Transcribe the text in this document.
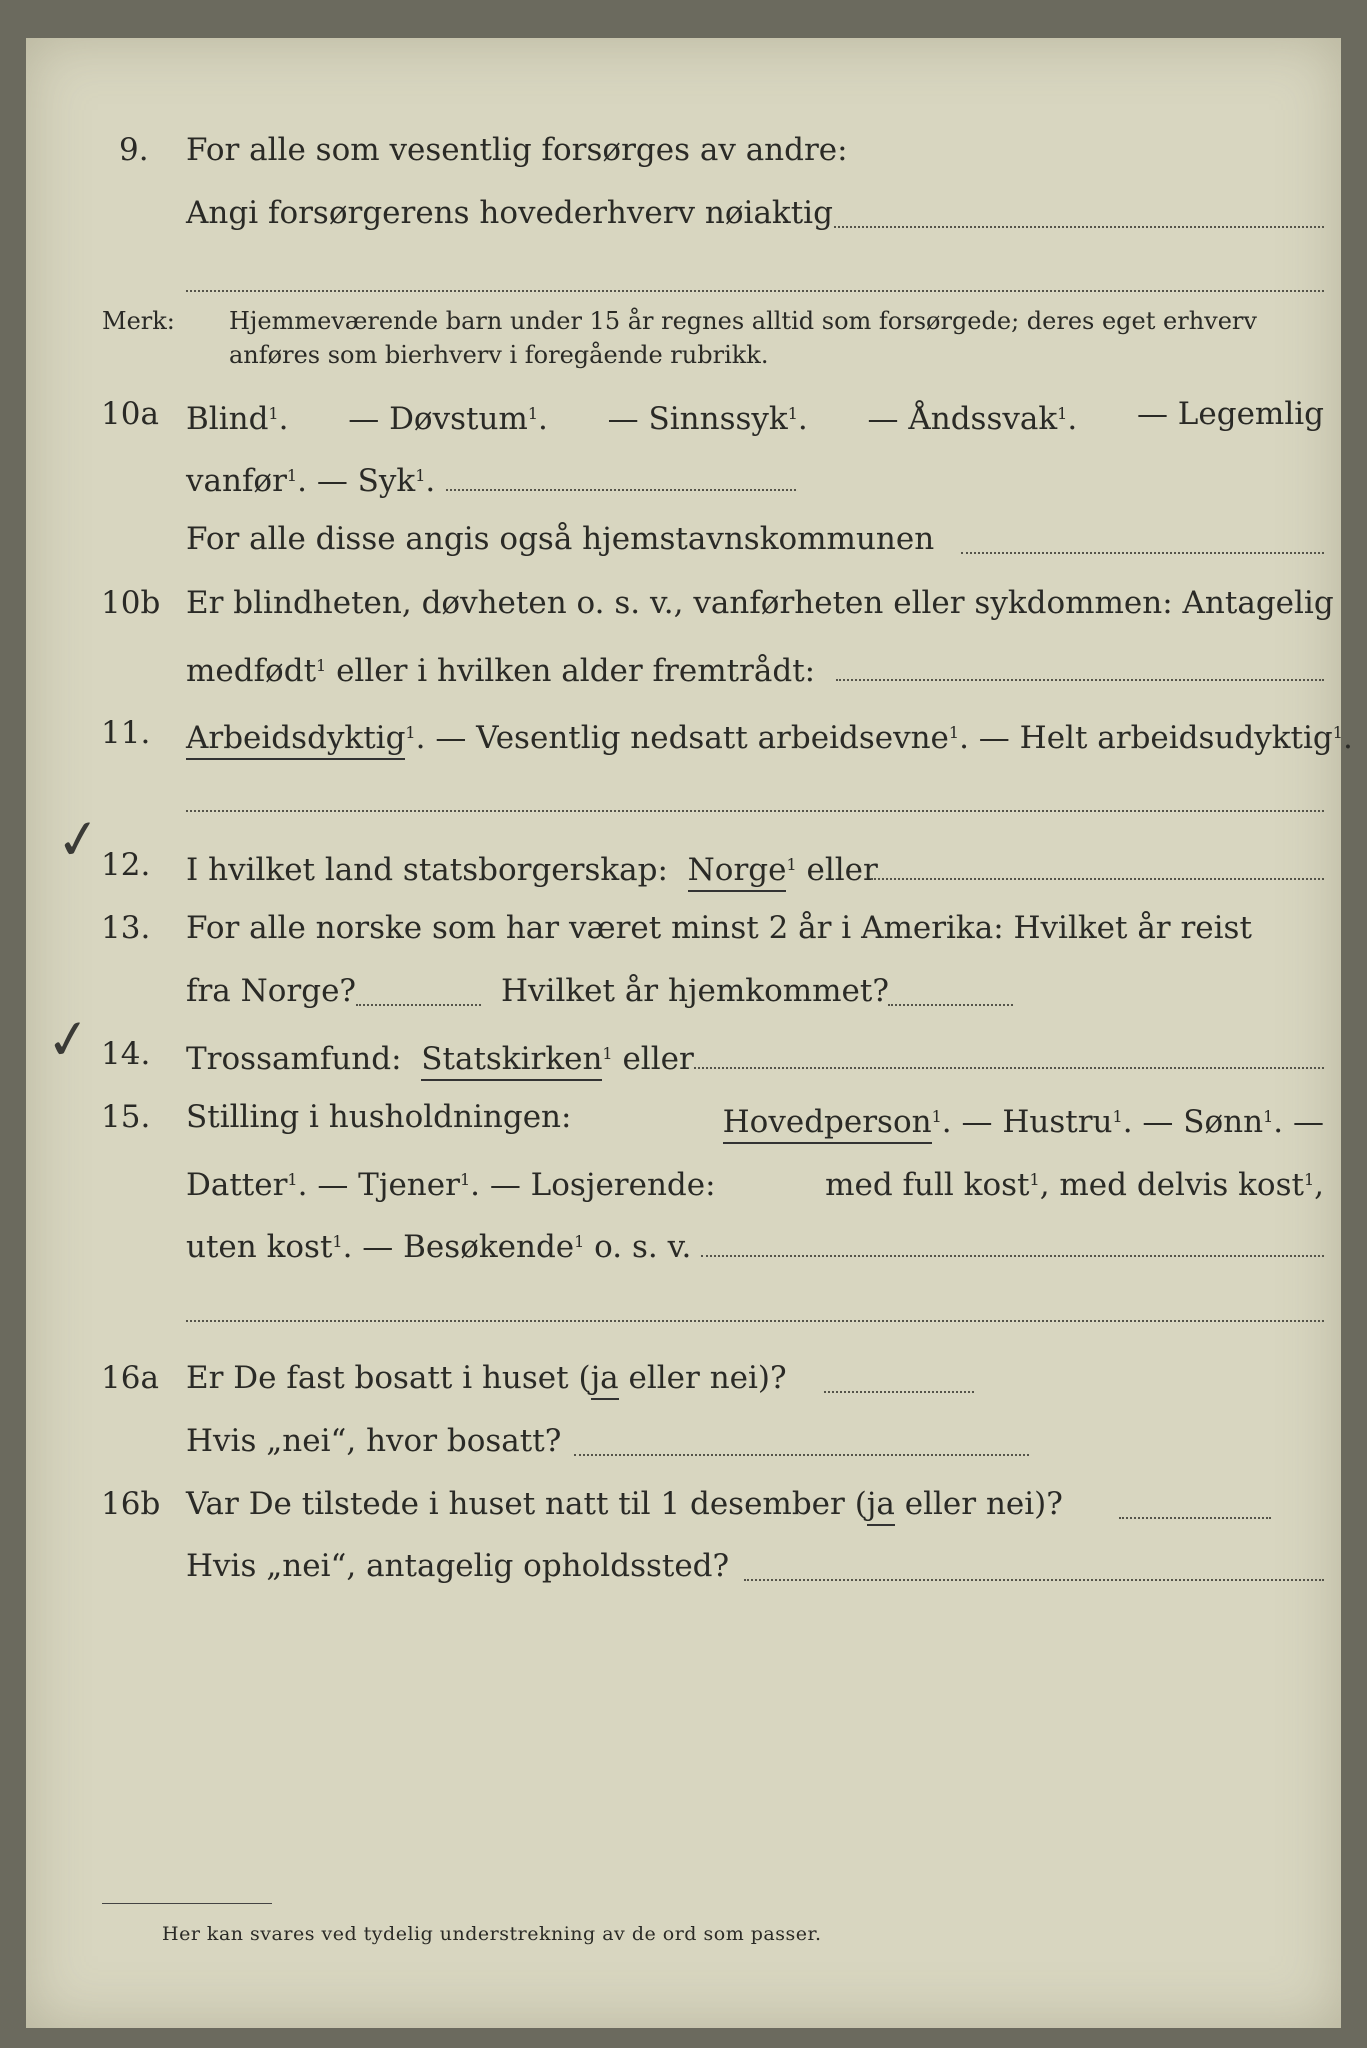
9. For alle som vesentlig forsørges av andre:
Angi forsørgerens hovederhverv nøiaktig
Merk: Hjemmeværende barn under 15 år regnes alltid som forsørgede; deres eget erhverv
anføres som bierhverv i foregående rubrikk.
10a Blind$^1$. — Døvstum$^1$. — Sinnssyk$^1$. — Åndssvak$^1$. — Legemlig
vanfør$^1$. — Syk$^1$.
For alle disse angis også hjemstavnskommunen
10b Er blindheten, døvheten o. s. v., vanførheten eller sykdommen: Antagelig
medfødt$^1$ eller i hvilken alder fremtrådt:
11. Arbeidsdyktig$^1$. — Vesentlig nedsatt arbeidsevne$^1$. — Helt arbeidsudyktig$^1$.
12. I hvilket land statsborgerskap: Norge$^1$ eller
13. For alle norske som har været minst 2 år i Amerika: Hvilket år reist
fra Norge?	Hvilket år hjemkommet?
14. Trossamfund: Statskirken$^1$ eller
15. Stilling i husholdningen:	Hovedperson$^1$. — Hustru$^1$. — Sønn$^1$. —
Datter$^1$. — Tjener$^1$. — Losjerende:	med full kost$^1$, med delvis kost$^1$,
uten kost$^1$. — Besøkende$^1$ o. s. v.
16a Er De fast bosatt i huset (ja eller nei)?
Hvis „nei“, hvor bosatt?
16b Var De tilstede i huset natt til 1 desember (ja eller nei)?
Hvis „nei“, antagelig opholdssted?
Her kan svares ved tydelig understrekning av de ord som passer.
✓
✓
